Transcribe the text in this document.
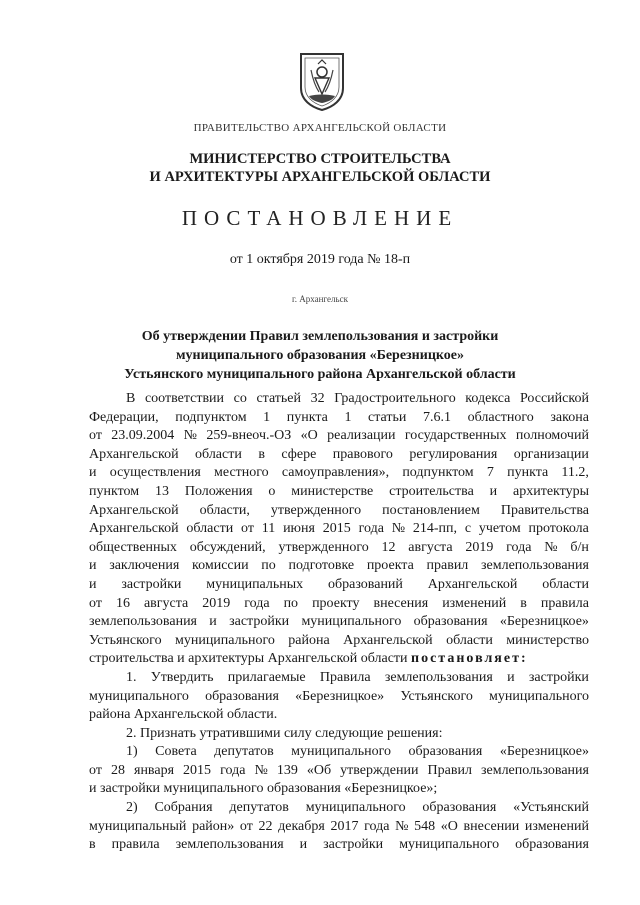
ПРАВИТЕЛЬСТВО АРХАНГЕЛЬСКОЙ ОБЛАСТИ
МИНИСТЕРСТВО СТРОИТЕЛЬСТВА
И АРХИТЕКТУРЫ АРХАНГЕЛЬСКОЙ ОБЛАСТИ
ПОСТАНОВЛЕНИЕ
от 1 октября 2019 года № 18-п
г. Архангельск
Об утверждении Правил землепользования и застройки
муниципального образования «Березницкое»
Устьянского муниципального района Архангельской области
В соответствии со статьей 32 Градостроительного кодекса Российской
Федерации, подпунктом 1 пункта 1 статьи 7.6.1 областного закона
от 23.09.2004 № 259-внеоч.-ОЗ «О реализации государственных полномочий
Архангельской области в сфере правового регулирования организации
и осуществления местного самоуправления», подпунктом 7 пункта 11.2,
пунктом 13 Положения о министерстве строительства и архитектуры
Архангельской области, утвержденного постановлением Правительства
Архангельской области от 11 июня 2015 года № 214-пп, с учетом протокола
общественных обсуждений, утвержденного 12 августа 2019 года № б/н
и заключения комиссии по подготовке проекта правил землепользования
и застройки муниципальных образований Архангельской области
от 16 августа 2019 года по проекту внесения изменений в правила
землепользования и застройки муниципального образования «Березницкое»
Устьянского муниципального района Архангельской области министерство
строительства и архитектуры Архангельской области
постановляет:
1. Утвердить прилагаемые Правила землепользования и застройки
муниципального образования «Березницкое» Устьянского муниципального
района Архангельской области.
2. Признать утратившими силу следующие решения:
1) Совета депутатов муниципального образования «Березницкое»
от 28 января 2015 года № 139 «Об утверждении Правил землепользования
и застройки муниципального образования «Березницкое»;
2) Собрания депутатов муниципального образования «Устьянский
муниципальный район» от 22 декабря 2017 года № 548 «О внесении изменений
в правила землепользования и застройки муниципального образования
